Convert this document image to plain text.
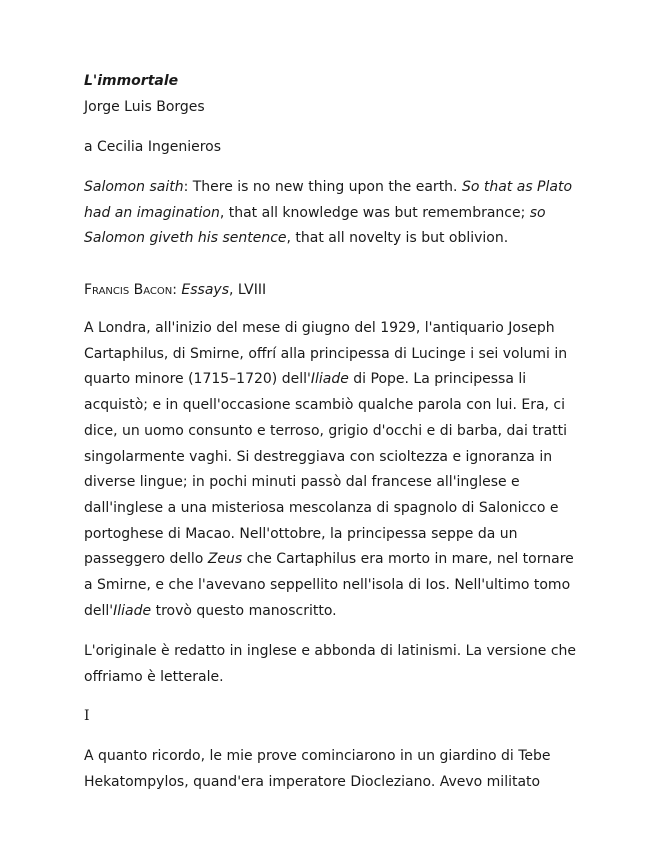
L'immortale

Jorge Luis Borges

a Cecilia Ingenieros

Salomon saith: There is no new thing upon the earth. So that as Plato had an imagination, that all knowledge was but remembrance; so Salomon giveth his sentence, that all novelty is but oblivion.

Francis Bacon: Essays, LVIII

A Londra, all'inizio del mese di giugno del 1929, l'antiquario Joseph Cartaphilus, di Smirne, offrí alla principessa di Lucinge i sei volumi in quarto minore (1715–1720) dell'Iliade di Pope. La principessa li acquistò; e in quell'occasione scambiò qualche parola con lui. Era, ci dice, un uomo consunto e terroso, grigio d'occhi e di barba, dai tratti singolarmente vaghi. Si destreggiava con scioltezza e ignoranza in diverse lingue; in pochi minuti passò dal francese all'inglese e dall'inglese a una misteriosa mescolanza di spagnolo di Salonicco e portoghese di Macao. Nell'ottobre, la principessa seppe da un passeggero dello Zeus che Cartaphilus era morto in mare, nel tornare a Smirne, e che l'avevano seppellito nell'isola di Ios. Nell'ultimo tomo dell'Iliade trovò questo manoscritto.

L'originale è redatto in inglese e abbonda di latinismi. La versione che offriamo è letterale.

I

A quanto ricordo, le mie prove cominciarono in un giardino di Tebe Hekatompylos, quand'era imperatore Diocleziano. Avevo militato
